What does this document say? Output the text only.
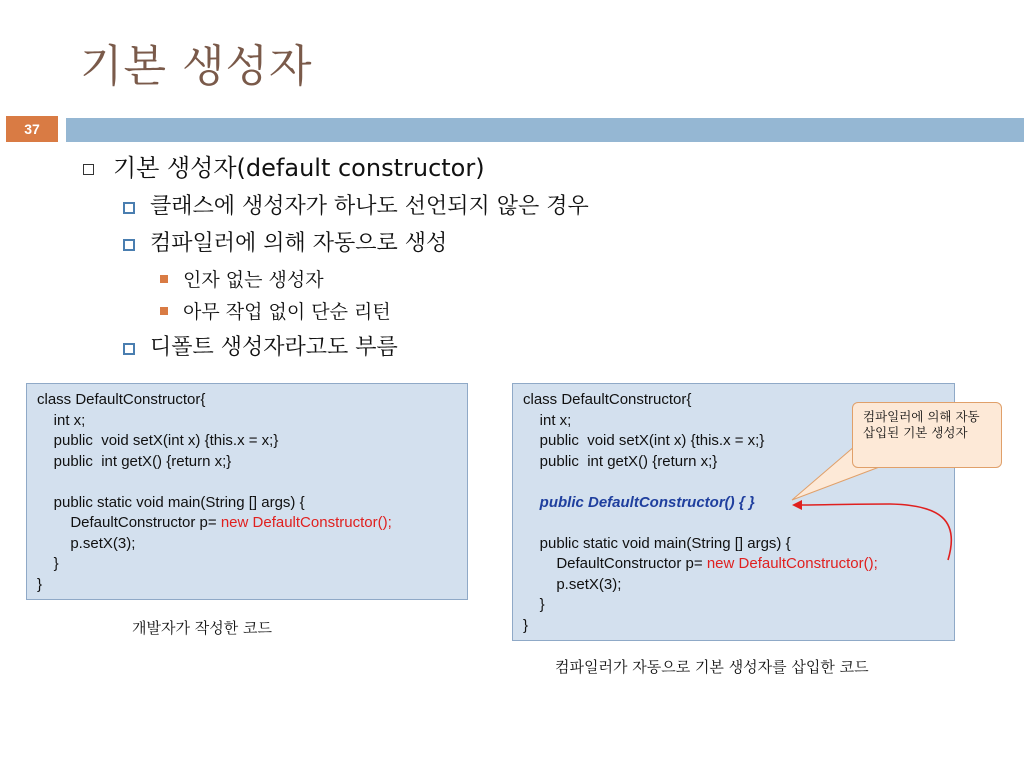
기본 생성자
37
기본 생성자(default constructor)
클래스에 생성자가 하나도 선언되지 않은 경우
컴파일러에 의해 자동으로 생성
인자 없는 생성자
아무 작업 없이 단순 리턴
디폴트 생성자라고도 부름
class DefaultConstructor{
int x;
public  void setX(int x) {this.x = x;}
public  int getX() {return x;}
public static void main(String [] args) {
DefaultConstructor p= new DefaultConstructor();
p.setX(3);
}
}
개발자가 작성한 코드
class DefaultConstructor{
int x;
public  void setX(int x) {this.x = x;}
public  int getX() {return x;}
public DefaultConstructor() { }
public static void main(String [] args) {
DefaultConstructor p= new DefaultConstructor();
p.setX(3);
}
}
컴파일러가 자동으로 기본 생성자를 삽입한 코드
컴파일러에 의해 자동 삽입된 기본 생성자
